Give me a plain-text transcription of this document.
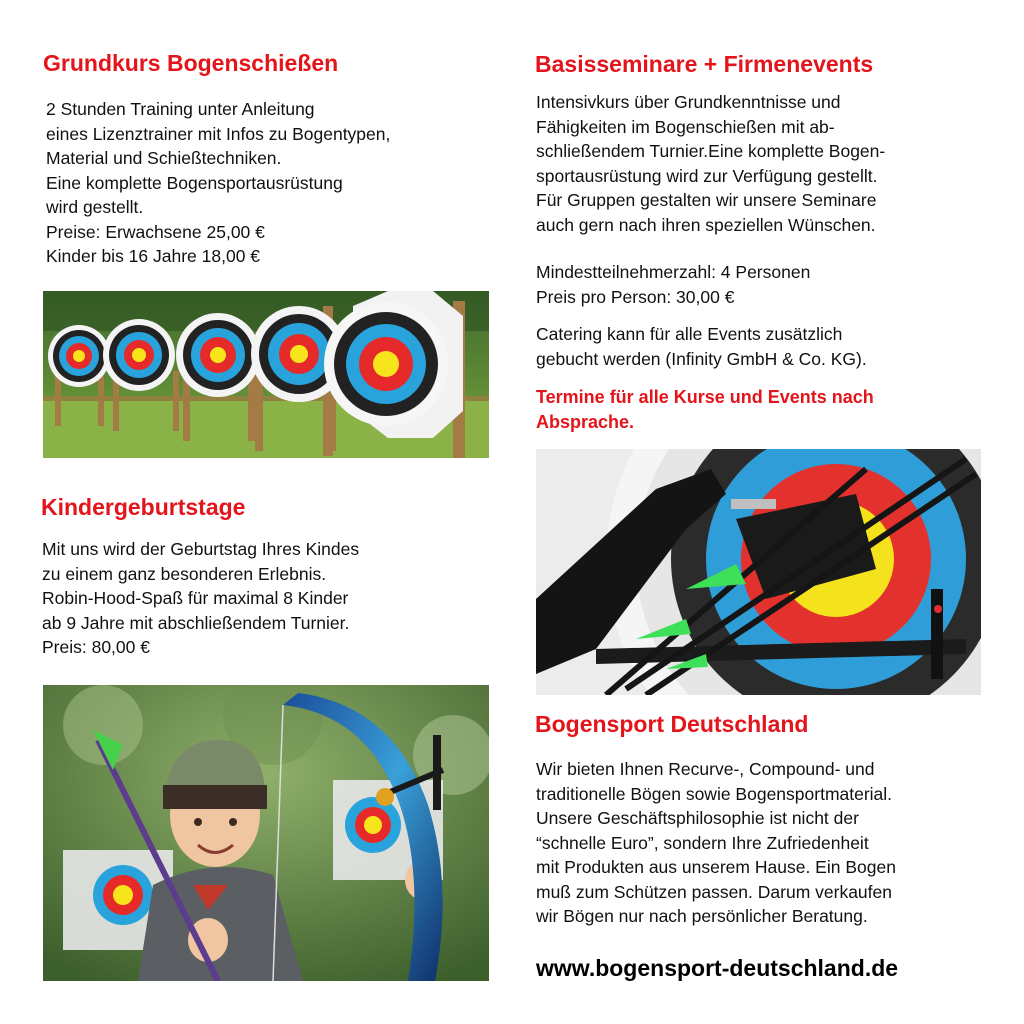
Grundkurs Bogenschießen
2 Stunden Training unter Anleitung
eines Lizenztrainer mit Infos zu Bogentypen,
Material und Schießtechniken.
Eine komplette Bogensportausrüstung
wird gestellt.
Preise: Erwachsene 25,00 €
Kinder bis 16 Jahre 18,00 €
Kindergeburtstage
Mit uns wird der Geburtstag Ihres Kindes
zu einem ganz besonderen Erlebnis.
Robin-Hood-Spaß für maximal 8 Kinder
ab 9 Jahre mit abschließendem Turnier.
Preis: 80,00 €
Basisseminare + Firmenevents
Intensivkurs über Grundkenntnisse und
Fähigkeiten im Bogenschießen mit ab-
schließendem Turnier.Eine komplette Bogen-
sportausrüstung wird zur Verfügung gestellt.
Für Gruppen gestalten wir unsere Seminare
auch gern nach ihren speziellen Wünschen.
Mindestteilnehmerzahl: 4 Personen
Preis pro Person: 30,00 €
Catering kann für alle Events zusätzlich
gebucht werden (Infinity GmbH & Co. KG).
Termine für alle Kurse und Events nach
Absprache.
Bogensport Deutschland
Wir bieten Ihnen Recurve-, Compound- und
traditionelle Bögen sowie Bogensportmaterial.
Unsere Geschäftsphilosophie ist nicht der
“schnelle Euro”, sondern Ihre Zufriedenheit
mit Produkten aus unserem Hause. Ein Bogen
muß zum Schützen passen. Darum verkaufen
wir Bögen nur nach persönlicher Beratung.

www.bogensport-deutschland.de
